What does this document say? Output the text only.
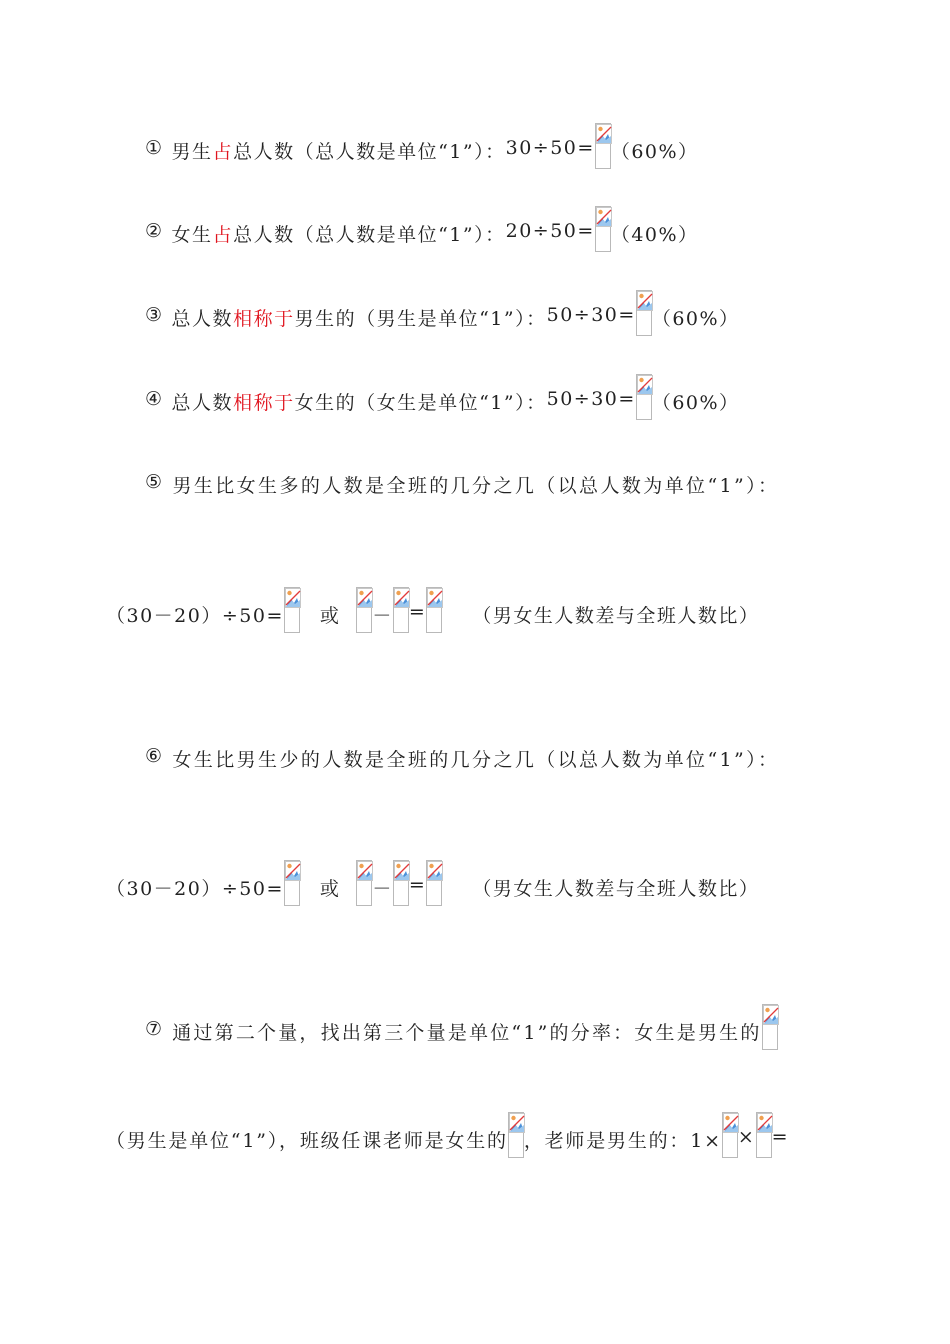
① 男生 占 总人数（总人数是单位“1”）： 30÷50= （60%）
② 女生 占 总人数（总人数是单位“1”）： 20÷50= （40%）
③ 总人数 相称于 男生的（男生是单位“1”）： 50÷30= （60%）
④ 总人数 相称于 女生的（女生是单位“1”）： 50÷30= （60%）
⑤ 男生比女生多的人数是全班的几分之几（以总人数为单位“1”）：
（30－20）÷50= 或 － = （男女生人数差与全班人数比）
⑥ 女生比男生少的人数是全班的几分之几（以总人数为单位“1”）：
（30－20）÷50= 或 － = （男女生人数差与全班人数比）
⑦ 通过第二个量，找出第三个量是单位“1”的分率：女生是男生的
（男生是单位“1”），班级任课老师是女生的 ，老师是男生的：1× × =
